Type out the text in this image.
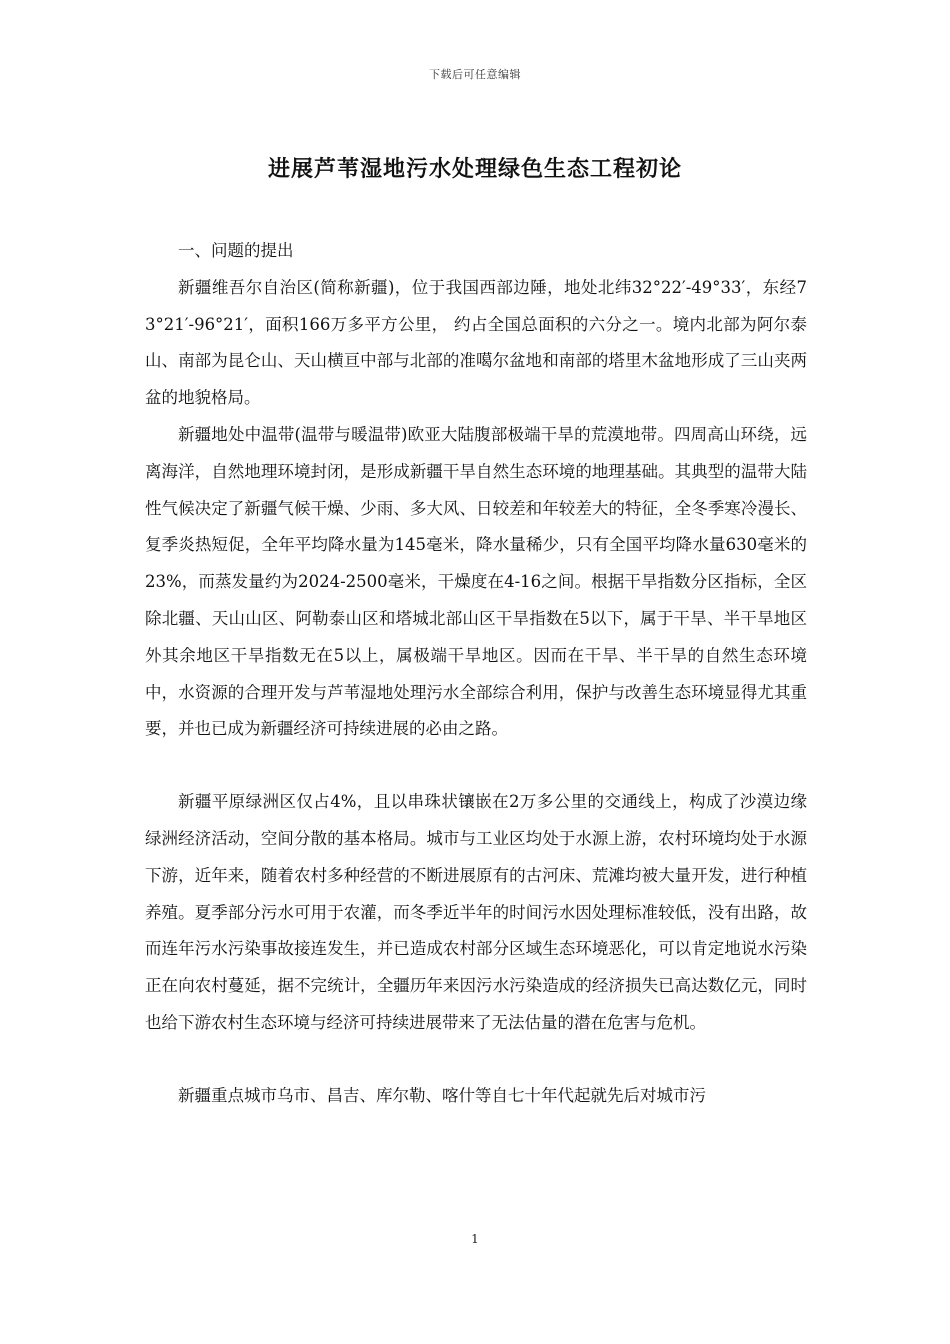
下载后可任意编辑
进展芦苇湿地污水处理绿色生态工程初论

一、问题的提出

新疆维吾尔自治区(简称新疆)，位于我国西部边陲，地处北纬32°22′-49°33′，东经73°21′-96°21′，面积166万多平方公里， 约占全国总面积的六分之一。境内北部为阿尔泰山、南部为昆仑山、天山横亘中部与北部的准噶尔盆地和南部的塔里木盆地形成了三山夹两盆的地貌格局。

新疆地处中温带(温带与暖温带)欧亚大陆腹部极端干旱的荒漠地带。四周高山环绕，远离海洋，自然地理环境封闭，是形成新疆干旱自然生态环境的地理基础。其典型的温带大陆性气候决定了新疆气候干燥、少雨、多大风、日较差和年较差大的特征，全冬季寒冷漫长、复季炎热短促，全年平均降水量为145毫米，降水量稀少，只有全国平均降水量630毫米的23%，而蒸发量约为2024-2500毫米，干燥度在4-16之间。根据干旱指数分区指标，全区除北疆、天山山区、阿勒泰山区和塔城北部山区干旱指数在5以下，属于干旱、半干旱地区外其余地区干旱指数无在5以上，属极端干旱地区。因而在干旱、半干旱的自然生态环境中，水资源的合理开发与芦苇湿地处理污水全部综合利用，保护与改善生态环境显得尤其重要，并也已成为新疆经济可持续进展的必由之路。

新疆平原绿洲区仅占4%，且以串珠状镶嵌在2万多公里的交通线上，构成了沙漠边缘绿洲经济活动，空间分散的基本格局。城市与工业区均处于水源上游，农村环境均处于水源下游，近年来，随着农村多种经营的不断进展原有的古河床、荒滩均被大量开发，进行种植养殖。夏季部分污水可用于农灌，而冬季近半年的时间污水因处理标准较低，没有出路，故而连年污水污染事故接连发生，并已造成农村部分区域生态环境恶化，可以肯定地说水污染正在向农村蔓延，据不完统计，全疆历年来因污水污染造成的经济损失已高达数亿元，同时也给下游农村生态环境与经济可持续进展带来了无法估量的潜在危害与危机。

新疆重点城市乌市、昌吉、库尔勒、喀什等自七十年代起就先后对城市污

1
